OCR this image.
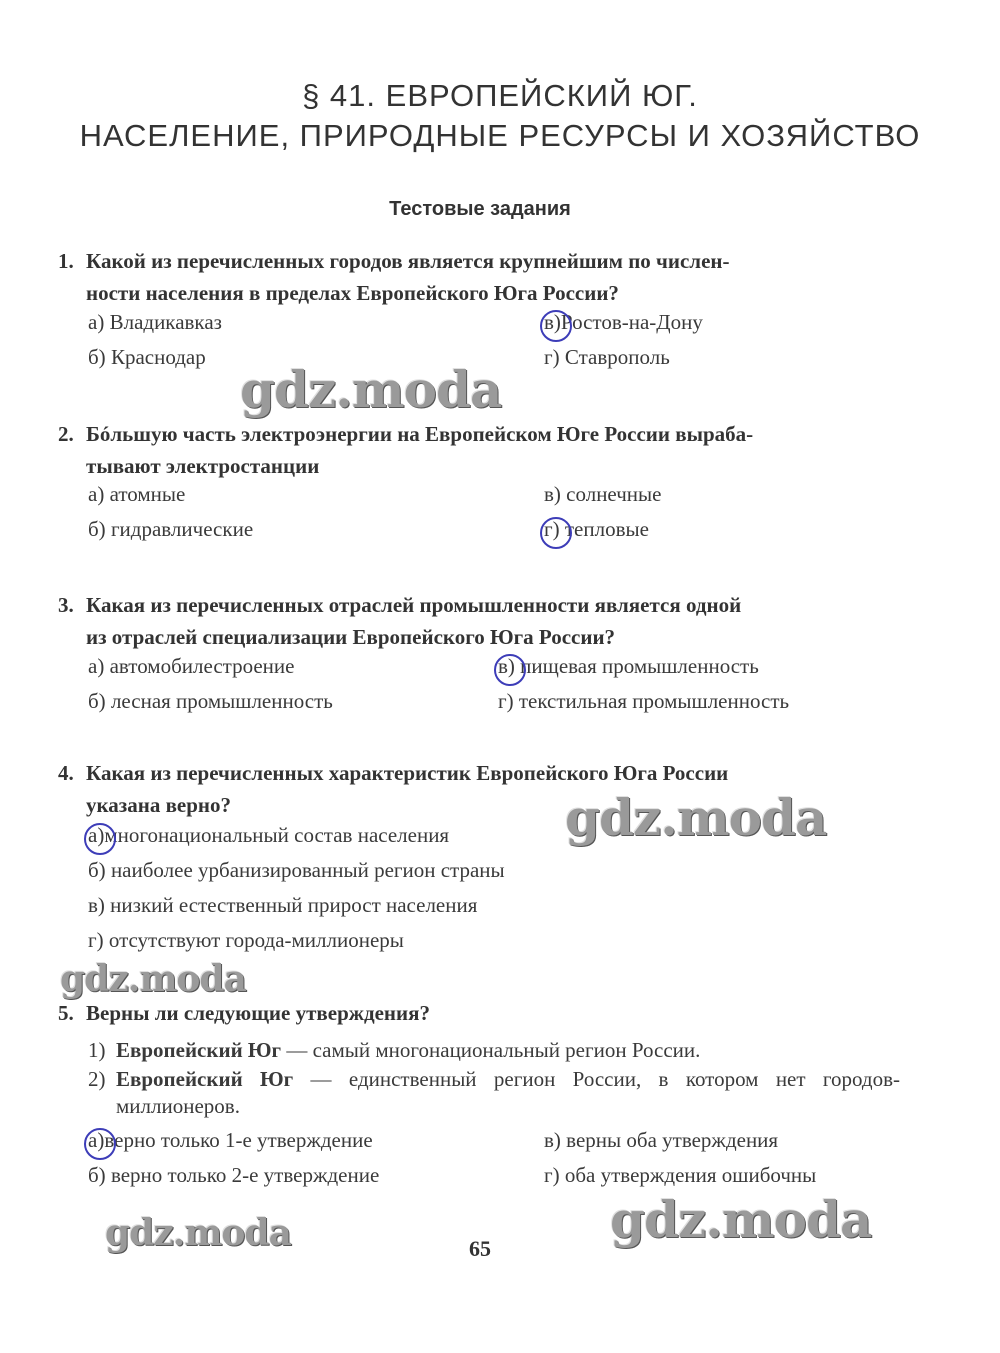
§ 41. ЕВРОПЕЙСКИЙ ЮГ.
НАСЕЛЕНИЕ, ПРИРОДНЫЕ РЕСУРСЫ И ХОЗЯЙСТВО
Тестовые задания
1. Какой из перечисленных городов является крупнейшим по числен-
ности населения в пределах Европейского Юга России?
а) Владикавказ	в)Ростов-на-Дону
б) Краснодар	г) Ставрополь
2. Бóльшую часть электроэнергии на Европейском Юге России выраба-
тывают электростанции
а) атомные	в) солнечные
б) гидравлические	г) тепловые
3. Какая из перечисленных отраслей промышленности является одной
из отраслей специализации Европейского Юга России?
а) автомобилестроение	в) пищевая промышленность
б) лесная промышленность	г) текстильная промышленность
4. Какая из перечисленных характеристик Европейского Юга России
указана верно?
а)многонациональный состав населения
б) наиболее урбанизированный регион страны
в) низкий естественный прирост населения
г) отсутствуют города-миллионеры
5. Верны ли следующие утверждения?
1) Европейский Юг — самый многонациональный регион России.
2) Европейский Юг — единственный регион России, в котором нет городов-миллионеров.
а)верно только 1-е утверждение	в) верны оба утверждения
б) верно только 2-е утверждение	г) оба утверждения ошибочны
gdz.moda
gdz.moda
gdz.moda
gdz.moda	gdz.moda
65
